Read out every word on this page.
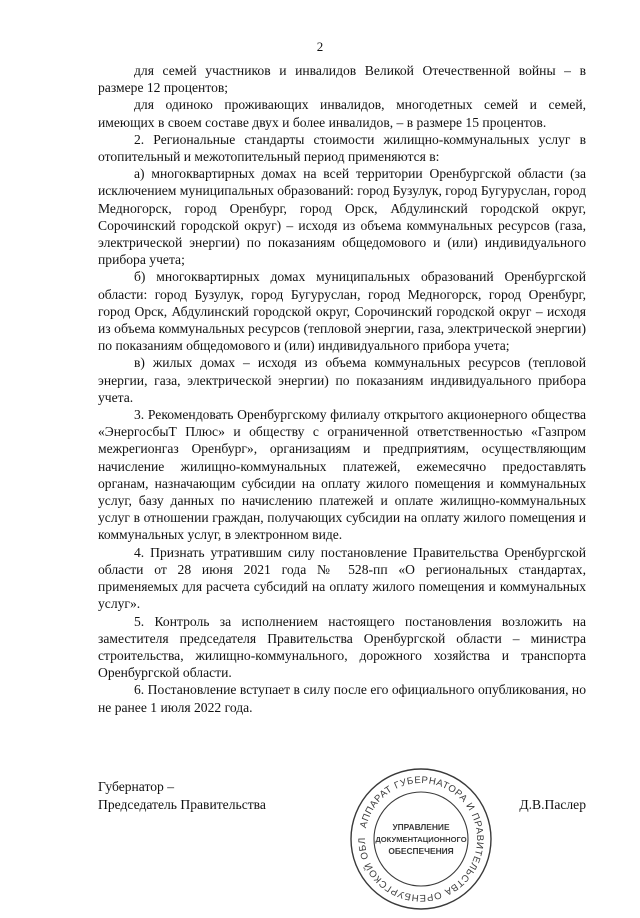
2

для семей участников и инвалидов Великой Отечественной войны – в размере 12 процентов;

для одиноко проживающих инвалидов, многодетных семей и семей, имеющих в своем составе двух и более инвалидов, – в размере 15 процентов.

2. Региональные стандарты стоимости жилищно-коммунальных услуг в отопительный и межотопительный период применяются в:

а) многоквартирных домах на всей территории Оренбургской области (за исключением муниципальных образований: город Бузулук, город Бугуруслан, город Медногорск, город Оренбург, город Орск, Абдулинский городской округ, Сорочинский городской округ) – исходя из объема коммунальных ресурсов (газа, электрической энергии) по показаниям общедомового и (или) индивидуального прибора учета;

б) многоквартирных домах муниципальных образований Оренбургской области: город Бузулук, город Бугуруслан, город Медногорск, город Оренбург, город Орск, Абдулинский городской округ, Сорочинский городской округ – исходя из объема коммунальных ресурсов (тепловой энергии, газа, электрической энергии) по показаниям общедомового и (или) индивидуального прибора учета;

в) жилых домах – исходя из объема коммунальных ресурсов (тепловой энергии, газа, электрической энергии) по показаниям индивидуального прибора учета.

3. Рекомендовать Оренбургскому филиалу открытого акционерного общества «ЭнергосбыТ Плюс» и обществу с ограниченной ответственностью «Газпром межрегионгаз Оренбург», организациям и предприятиям, осуществляющим начисление жилищно-коммунальных платежей, ежемесячно предоставлять органам, назначающим субсидии на оплату жилого помещения и коммунальных услуг, базу данных по начислению платежей и оплате жилищно-коммунальных услуг в отношении граждан, получающих субсидии на оплату жилого помещения и коммунальных услуг, в электронном виде.

4. Признать утратившим силу постановление Правительства Оренбургской области от 28 июня 2021 года № 528-пп «О региональных стандартах, применяемых для расчета субсидий на оплату жилого помещения и коммунальных услуг».

5. Контроль за исполнением настоящего постановления возложить на заместителя председателя Правительства Оренбургской области – министра строительства, жилищно-коммунального, дорожного хозяйства и транспорта Оренбургской области.

6. Постановление вступает в силу после его официального опубликования, но не ранее 1 июля 2022 года.

Губернатор –
Председатель Правительства
АППАРАТ ГУБЕРНАТОРА И ПРАВИТЕЛЬСТВА ОРЕНБУРГСКОЙ ОБЛ
УПРАВЛЕНИЕ
ДОКУМЕНТАЦИОННОГО
ОБЕСПЕЧЕНИЯ
Д.В.Паслер
